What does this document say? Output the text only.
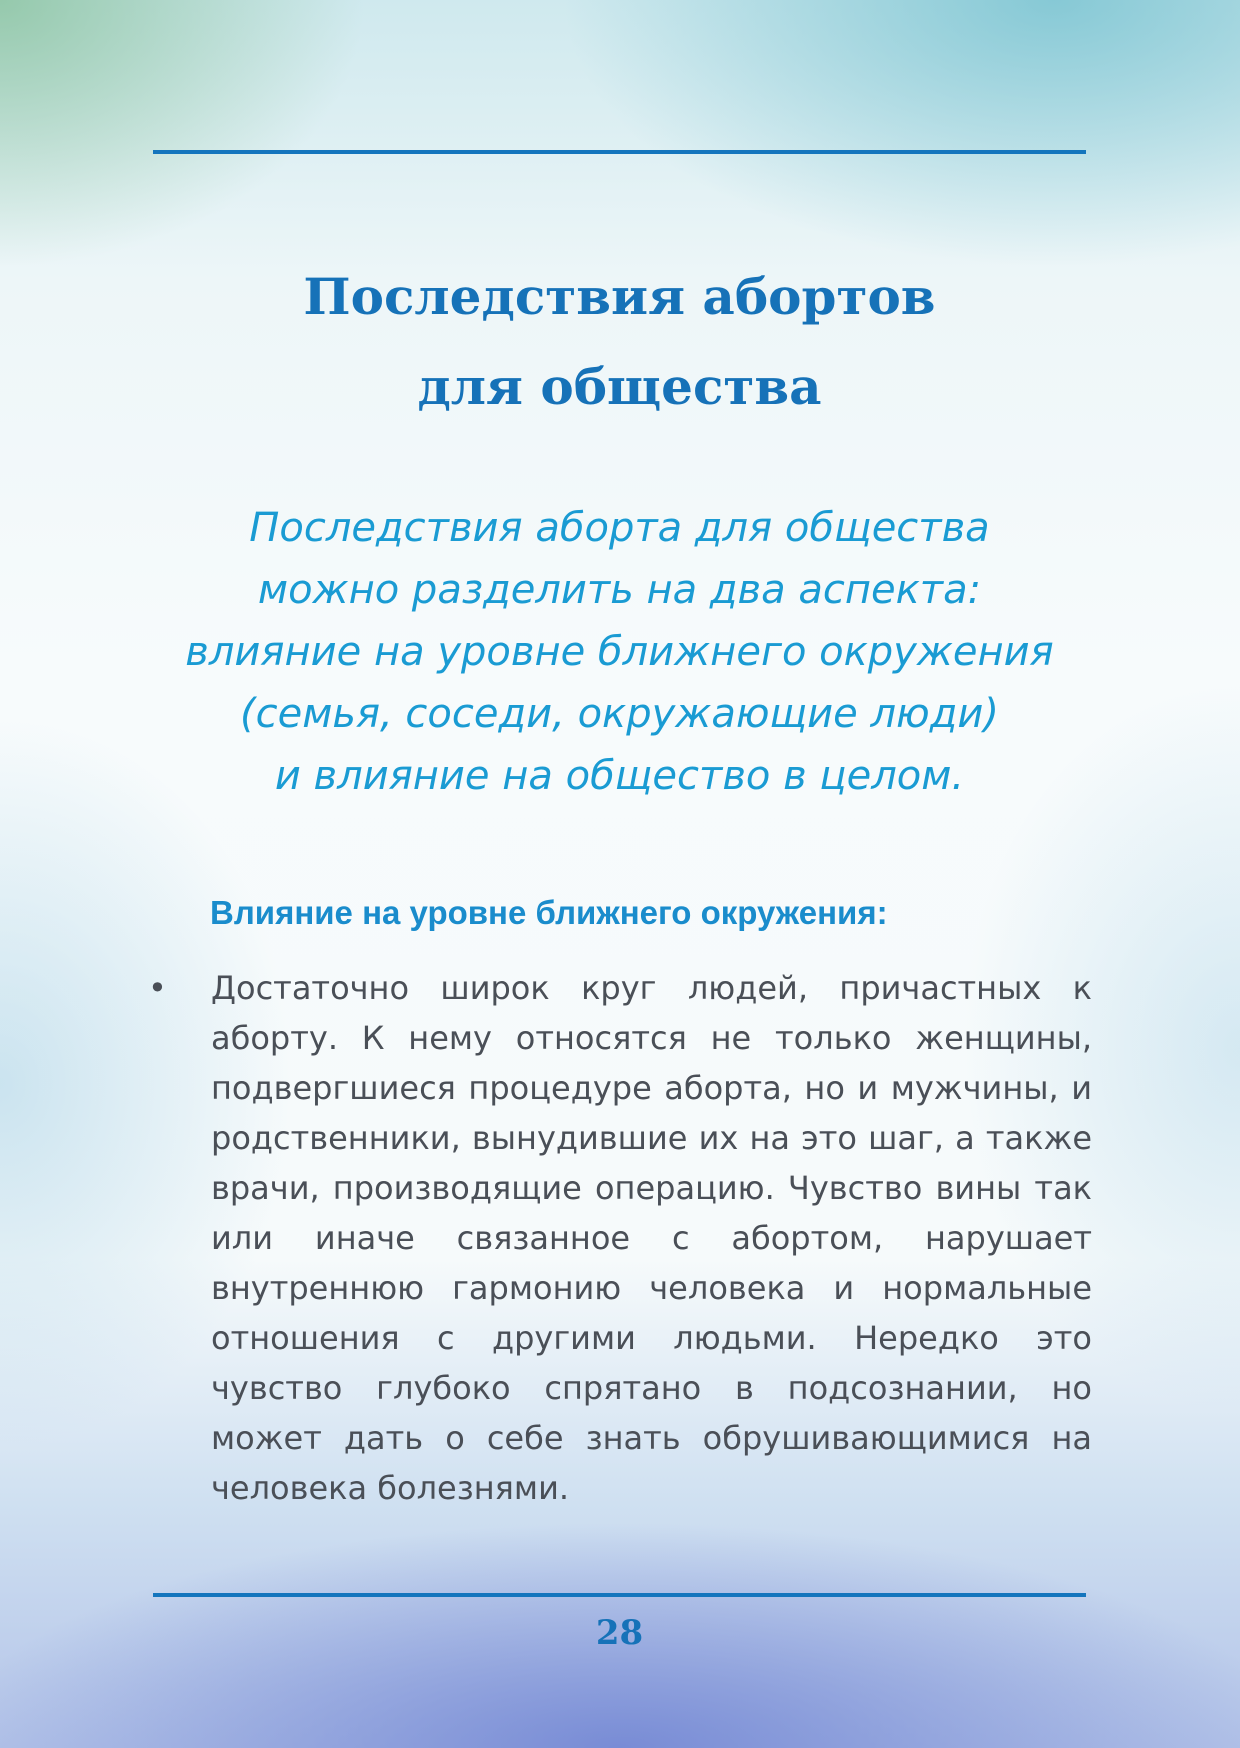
Последствия абортов
для общества

Последствия аборта для общества
можно разделить на два аспекта:
влияние на уровне ближнего окружения
(семья, соседи, окружающие люди)
и влияние на общество в целом.

Влияние на уровне ближнего окружения:
• Достаточно широк круг людей, причастных к аборту. К нему относятся не только женщины, подвергшиеся процедуре аборта, но и мужчины, и родственники, вынудившие их на это шаг, а также врачи, производящие операцию. Чувство вины так или иначе связанное с абортом, нарушает внутреннюю гармонию человека и нормальные отношения с другими людьми. Нередко это чувство глубоко спрятано в подсознании, но может дать о себе знать обрушивающимися на человека болезнями.
28
